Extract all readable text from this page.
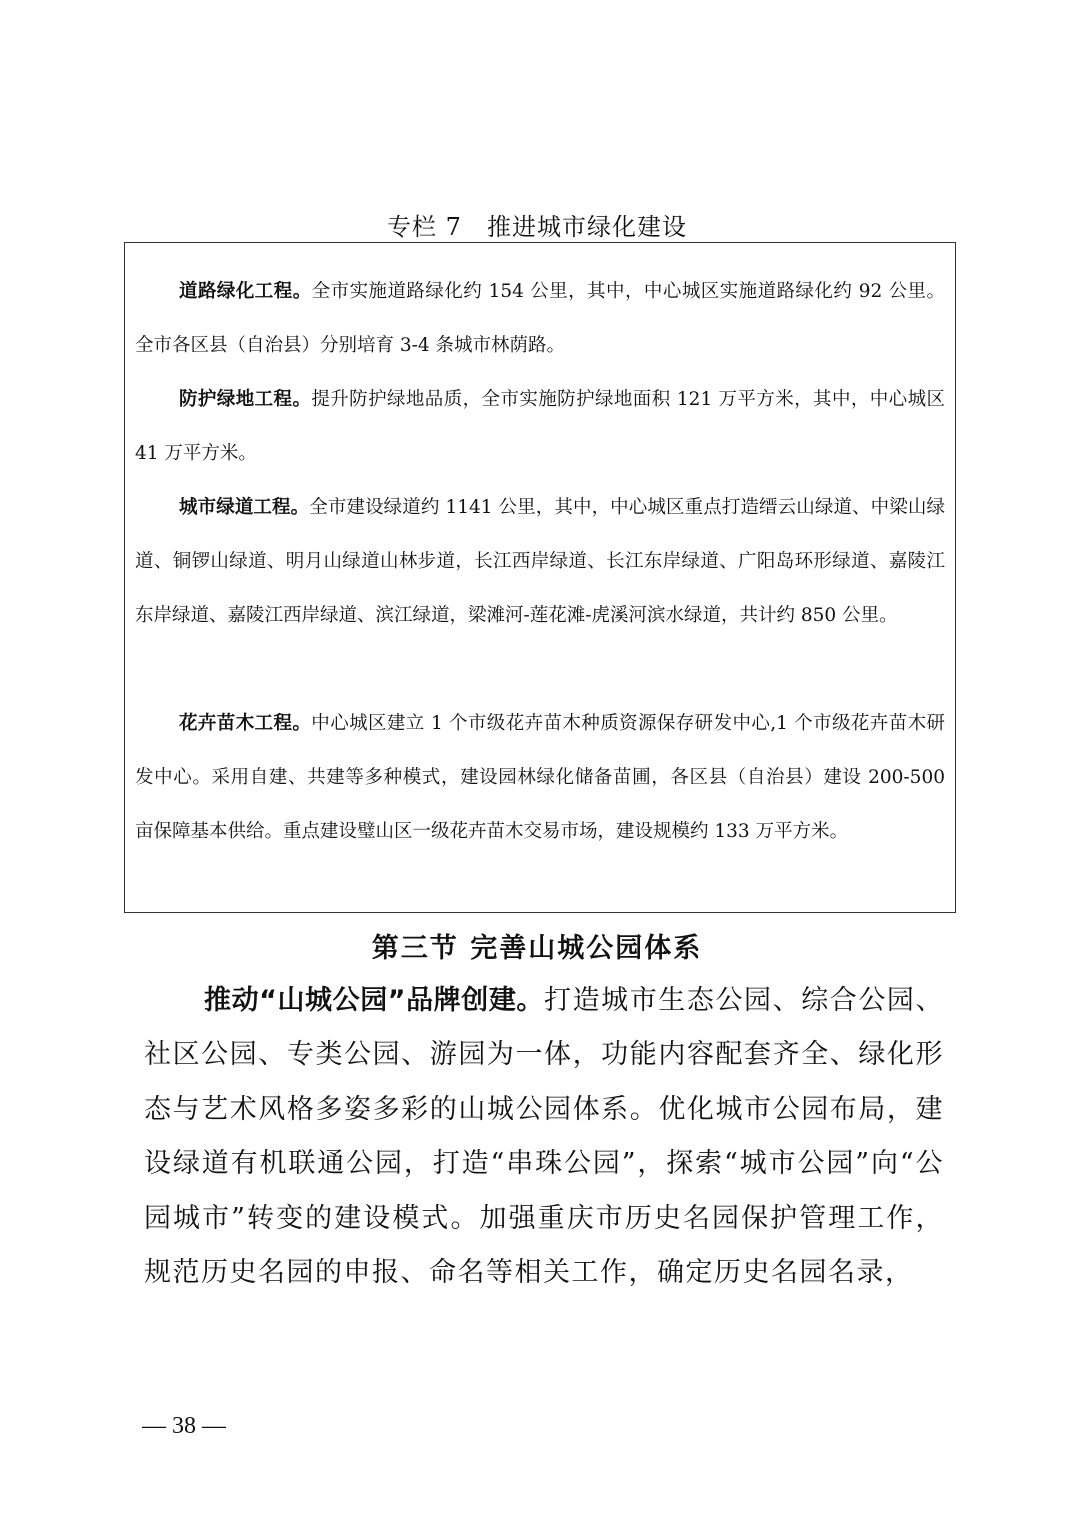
专栏 7　推进城市绿化建设
道路绿化工程。全市实施道路绿化约 154 公里，其中，中心城区实施道路绿化约 92 公里。全市各区县（自治县）分别培育 3-4 条城市林荫路。
防护绿地工程。提升防护绿地品质，全市实施防护绿地面积 121 万平方米，其中，中心城区 41 万平方米。
城市绿道工程。全市建设绿道约 1141 公里，其中，中心城区重点打造缙云山绿道、中梁山绿道、铜锣山绿道、明月山绿道山林步道，长江西岸绿道、长江东岸绿道、广阳岛环形绿道、嘉陵江东岸绿道、嘉陵江西岸绿道、滨江绿道，梁滩河-莲花滩-虎溪河滨水绿道，共计约 850 公里。
花卉苗木工程。中心城区建立 1 个市级花卉苗木种质资源保存研发中心,1 个市级花卉苗木研发中心。采用自建、共建等多种模式，建设园林绿化储备苗圃，各区县（自治县）建设 200-500 亩保障基本供给。重点建设璧山区一级花卉苗木交易市场，建设规模约 133 万平方米。
第三节 完善山城公园体系
推动“山城公园”品牌创建。打造城市生态公园、综合公园、社区公园、专类公园、游园为一体，功能内容配套齐全、绿化形态与艺术风格多姿多彩的山城公园体系。优化城市公园布局，建设绿道有机联通公园，打造“串珠公园”，探索“城市公园”向“公园城市”转变的建设模式。加强重庆市历史名园保护管理工作，规范历史名园的申报、命名等相关工作，确定历史名园名录，
— 38 —
